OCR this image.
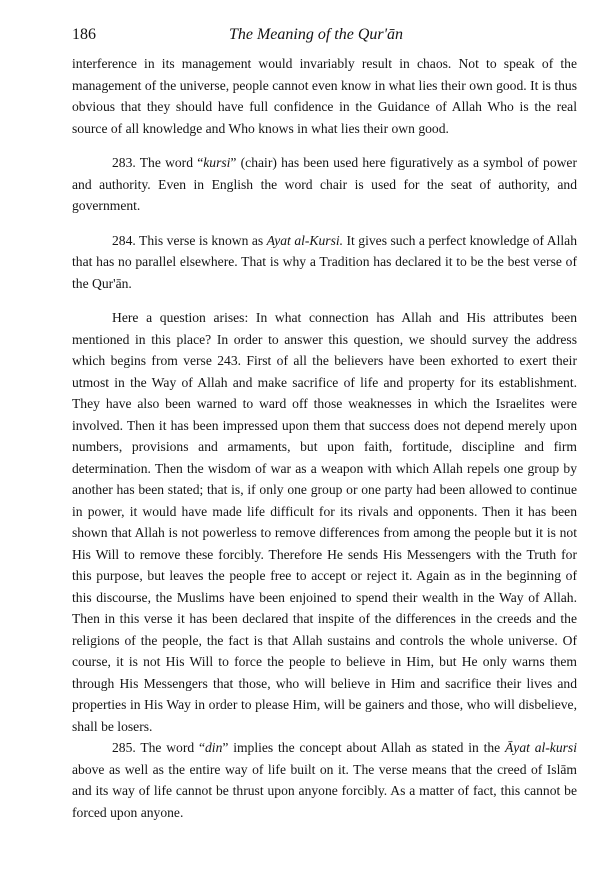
186	The Meaning of the Qur'ān

interference in its management would invariably result in chaos. Not to speak of the management of the universe, people cannot even know in what lies their own good. It is thus obvious that they should have full confidence in the Guidance of Allah Who is the real source of all knowledge and Who knows in what lies their own good.

283. The word “kursi” (chair) has been used here figuratively as a symbol of power and authority. Even in English the word chair is used for the seat of authority, and government.

284. This verse is known as Ayat al-Kursi. It gives such a perfect knowledge of Allah that has no parallel elsewhere. That is why a Tradition has declared it to be the best verse of the Qur'ān.

Here a question arises: In what connection has Allah and His attributes been mentioned in this place? In order to answer this question, we should survey the address which begins from verse 243. First of all the believers have been exhorted to exert their utmost in the Way of Allah and make sacrifice of life and property for its establishment. They have also been warned to ward off those weaknesses in which the Israelites were involved. Then it has been impressed upon them that success does not depend merely upon numbers, provisions and armaments, but upon faith, fortitude, discipline and firm determination. Then the wisdom of war as a weapon with which Allah repels one group by another has been stated; that is, if only one group or one party had been allowed to continue in power, it would have made life difficult for its rivals and opponents. Then it has been shown that Allah is not powerless to remove differences from among the people but it is not His Will to remove these forcibly. Therefore He sends His Messengers with the Truth for this purpose, but leaves the people free to accept or reject it. Again as in the beginning of this discourse, the Muslims have been enjoined to spend their wealth in the Way of Allah. Then in this verse it has been declared that inspite of the differences in the creeds and the religions of the people, the fact is that Allah sustains and controls the whole universe. Of course, it is not His Will to force the people to believe in Him, but He only warns them through His Messengers that those, who will believe in Him and sacrifice their lives and properties in His Way in order to please Him, will be gainers and those, who will disbelieve, shall be losers.

285. The word “din” implies the concept about Allah as stated in the Āyat al-kursi above as well as the entire way of life built on it. The verse means that the creed of Islām and its way of life cannot be thrust upon anyone forcibly. As a matter of fact, this cannot be forced upon anyone.
